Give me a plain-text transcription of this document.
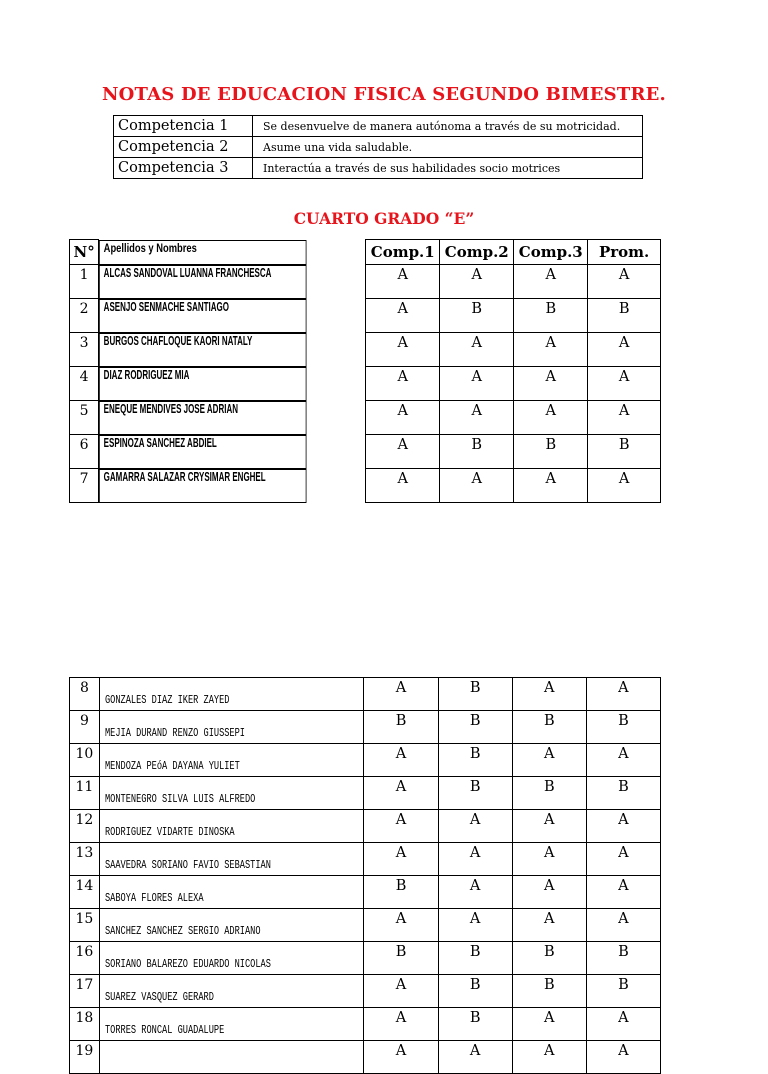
NOTAS DE EDUCACION FISICA SEGUNDO BIMESTRE.
Competencia 1	Se desenvuelve de manera autónoma a través de su motricidad.
Competencia 2	Asume una vida saludable.
Competencia 3	Interactúa a través de sus habilidades socio motrices
CUARTO GRADO “E”
N°	Apellidos y Nombres	Comp.1	Comp.2	Comp.3	Prom.
1	ALCAS SANDOVAL LUANNA FRANCHESCA	A	A	A	A
2	ASENJO SENMACHE SANTIAGO	A	B	B	B
3	BURGOS CHAFLOQUE KAORI NATALY	A	A	A	A
4	DIAZ RODRIGUEZ MIA	A	A	A	A
5	ENEQUE MENDIVES JOSE ADRIAN	A	A	A	A
6	ESPINOZA SANCHEZ ABDIEL	A	B	B	B
7	GAMARRA SALAZAR CRYSIMAR ENGHEL	A	A	A	A
8	GONZALES DIAZ IKER ZAYED	A	B	A	A
9	MEJIA DURAND RENZO GIUSSEPI	B	B	B	B
10	MENDOZA PEóA DAYANA YULIET	A	B	A	A
11	MONTENEGRO SILVA LUIS ALFREDO	A	B	B	B
12	RODRIGUEZ VIDARTE DINOSKA	A	A	A	A
13	SAAVEDRA SORIANO FAVIO SEBASTIAN	A	A	A	A
14	SABOYA FLORES ALEXA	B	A	A	A
15	SANCHEZ SANCHEZ SERGIO ADRIANO	A	A	A	A
16	SORIANO BALAREZO EDUARDO NICOLAS	B	B	B	B
17	SUAREZ VASQUEZ GERARD	A	B	B	B
18	TORRES RONCAL GUADALUPE	A	B	A	A
19		A	A	A	A
